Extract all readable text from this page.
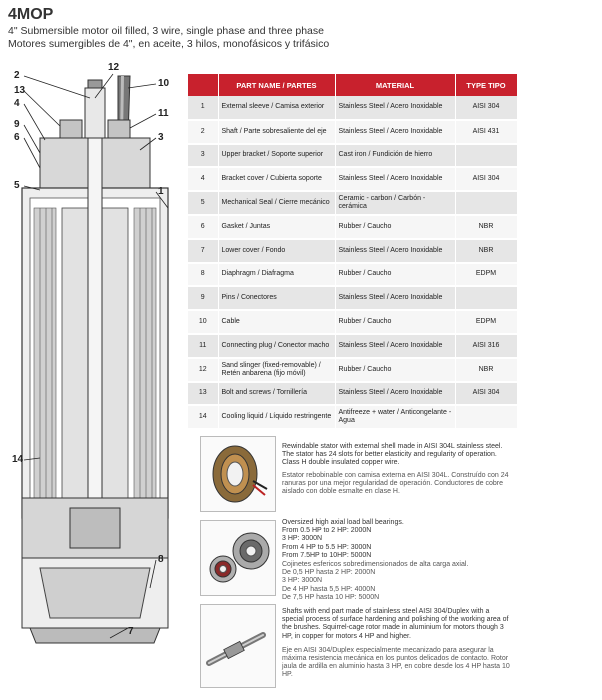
4MOP
4" Submersible motor oil filled, 3 wire, single phase and three phase
Motores sumergibles de 4", en aceite, 3 hilos, monofásicos y trifásico
2
13
4
9
6
5
12
10
11
3
1
14
8
7
	PART NAME / PARTES	MATERIAL	TYPE TIPO
1	External sleeve / Camisa exterior	Stainless Steel / Acero Inoxidable	AISI 304
2	Shaft / Parte sobresaliente del eje	Stainless Steel / Acero Inoxidable	AISI 431
3	Upper bracket / Soporte superior	Cast iron / Fundición de hierro	
4	Bracket cover / Cubierta soporte	Stainless Steel / Acero Inoxidable	AISI 304
5	Mechanical Seal / Cierre mecánico	Ceramic - carbon / Carbón - cerámica	
6	Gasket / Juntas	Rubber / Caucho	NBR
7	Lower cover / Fondo	Stainless Steel / Acero Inoxidable	NBR
8	Diaphragm / Diafragma	Rubber / Caucho	EDPM
9	Pins / Conectores	Stainless Steel / Acero Inoxidable	
10	Cable	Rubber / Caucho	EDPM
11	Connecting plug / Conector macho	Stainless Steel / Acero Inoxidable	AISI 316
12	Sand slinger (fixed-removable) / Retén anbarena (fijo móvil)	Rubber / Caucho	NBR
13	Bolt and screws / Tornillería	Stainless Steel / Acero Inoxidable	AISI 304
14	Cooling liquid / Líquido restringente	Antifreeze + water / Anticongelante - Agua	
Rewindable stator with external shell made in AISI 304L stainless steel. The stator has 24 slots for better elasticity and regularity of operation. Class H double insulated copper wire.
Estator rebobinable con camisa externa en AISI 304L. Construído con 24 ranuras por una mejor regularidad de operación. Conductores de cobre aislado con doble esmalte en clase H.
Oversized high axial load ball bearings.
From 0.5 HP to 2 HP: 2000N
3 HP: 3000N
From 4 HP to 5.5 HP: 3000N
From 7.5HP to 10HP: 5000N
Cojinetes esfericos sobredimensionados de alta carga axial.
De 0,5 HP hasta 2 HP: 2000N
3 HP: 3000N
De 4 HP hasta 5,5 HP: 4000N
De 7,5 HP hasta 10 HP: 5000N
Shafts with end part made of stainless steel AISI 304/Duplex with a special process of surface hardening and polishing of the working area of the brushes. Squirrel-cage rotor made in aluminium for motors though 3 HP, in copper for motors 4 HP and higher.
Eje en AISI 304/Duplex especialmente mecanizado para asegurar la máxima resistencia mecánica en los puntos delicados de contacto. Rotor jaula de ardilla en aluminio hasta 3 HP, en cobre desde los 4 HP hasta 10 HP.
